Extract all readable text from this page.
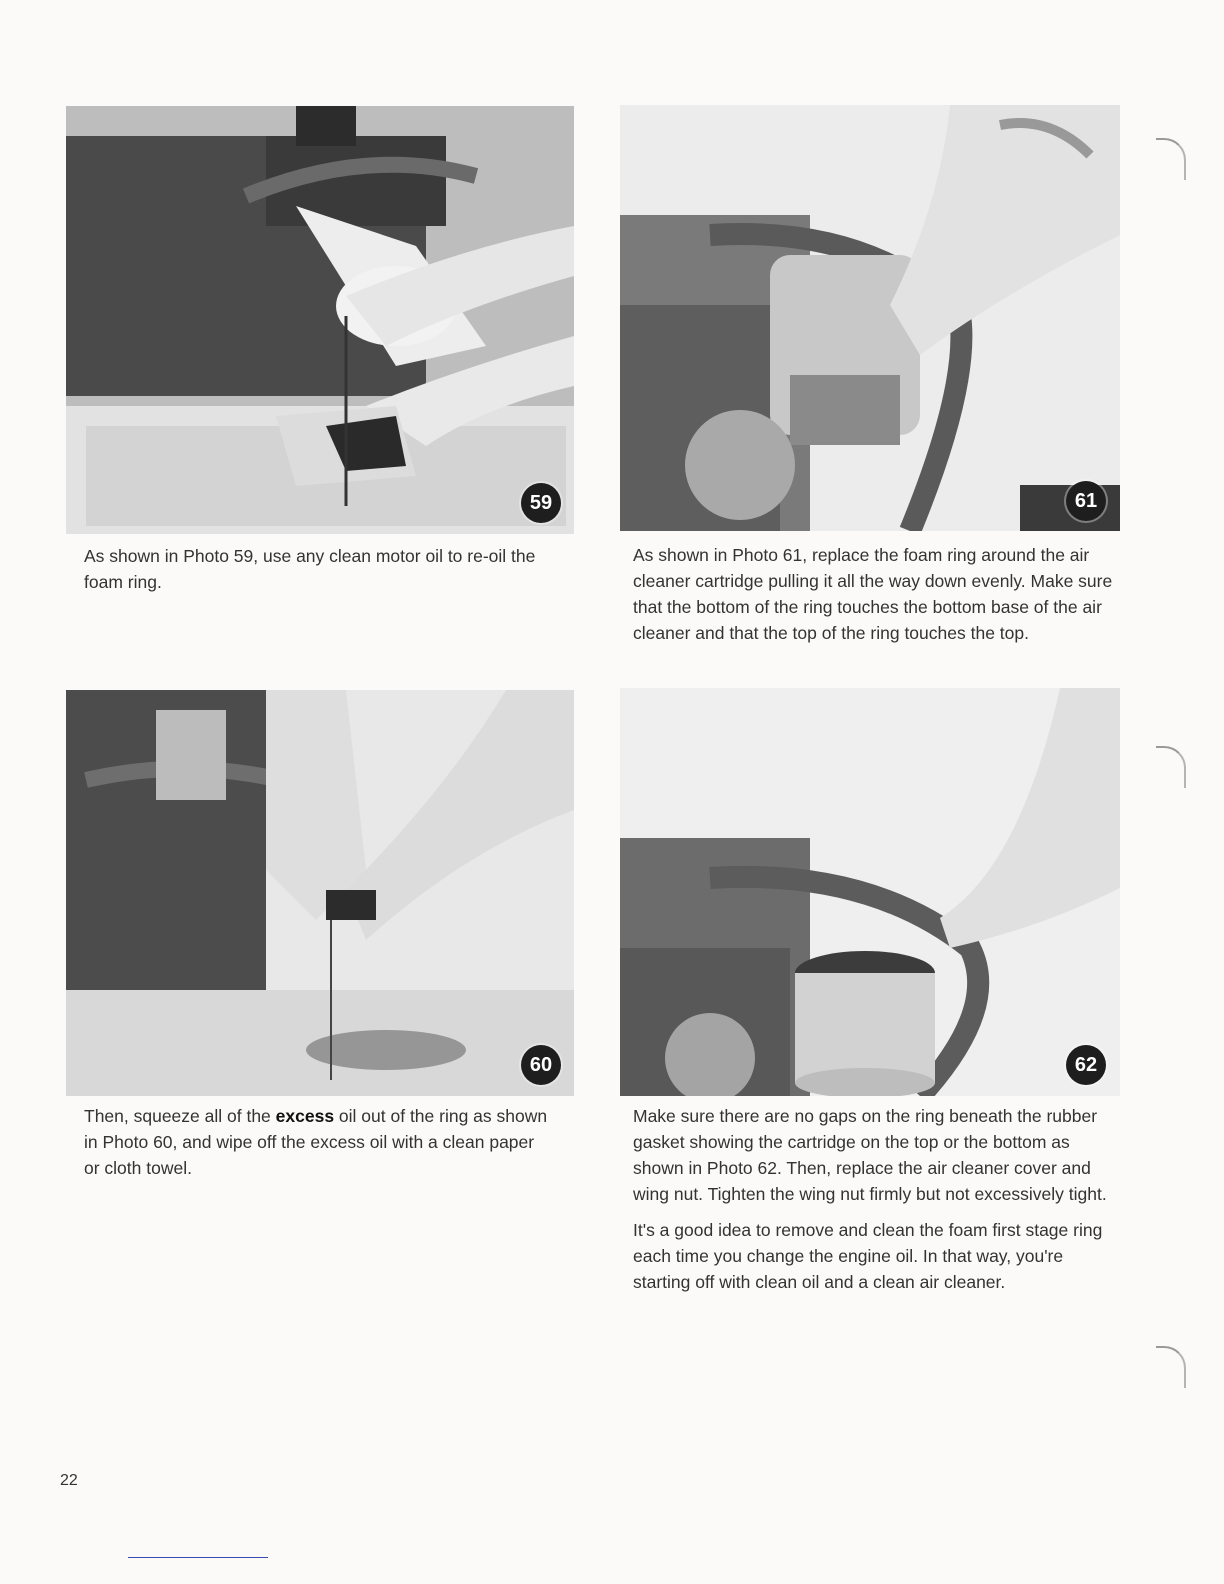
59	61
60	62

As shown in Photo 59, use any clean motor oil to re-oil the foam ring.

As shown in Photo 61, replace the foam ring around the air cleaner cartridge pulling it all the way down evenly. Make sure that the bottom of the ring touches the bottom base of the air cleaner and that the top of the ring touches the top.

Then, squeeze all of the excess oil out of the ring as shown in Photo 60, and wipe off the excess oil with a clean paper or cloth towel.

Make sure there are no gaps on the ring beneath the rubber gasket showing the cartridge on the top or the bottom as shown in Photo 62. Then, replace the air cleaner cover and wing nut. Tighten the wing nut firmly but not excessively tight.

It's a good idea to remove and clean the foam first stage ring each time you change the engine oil. In that way, you're starting off with clean oil and a clean air cleaner.

22
